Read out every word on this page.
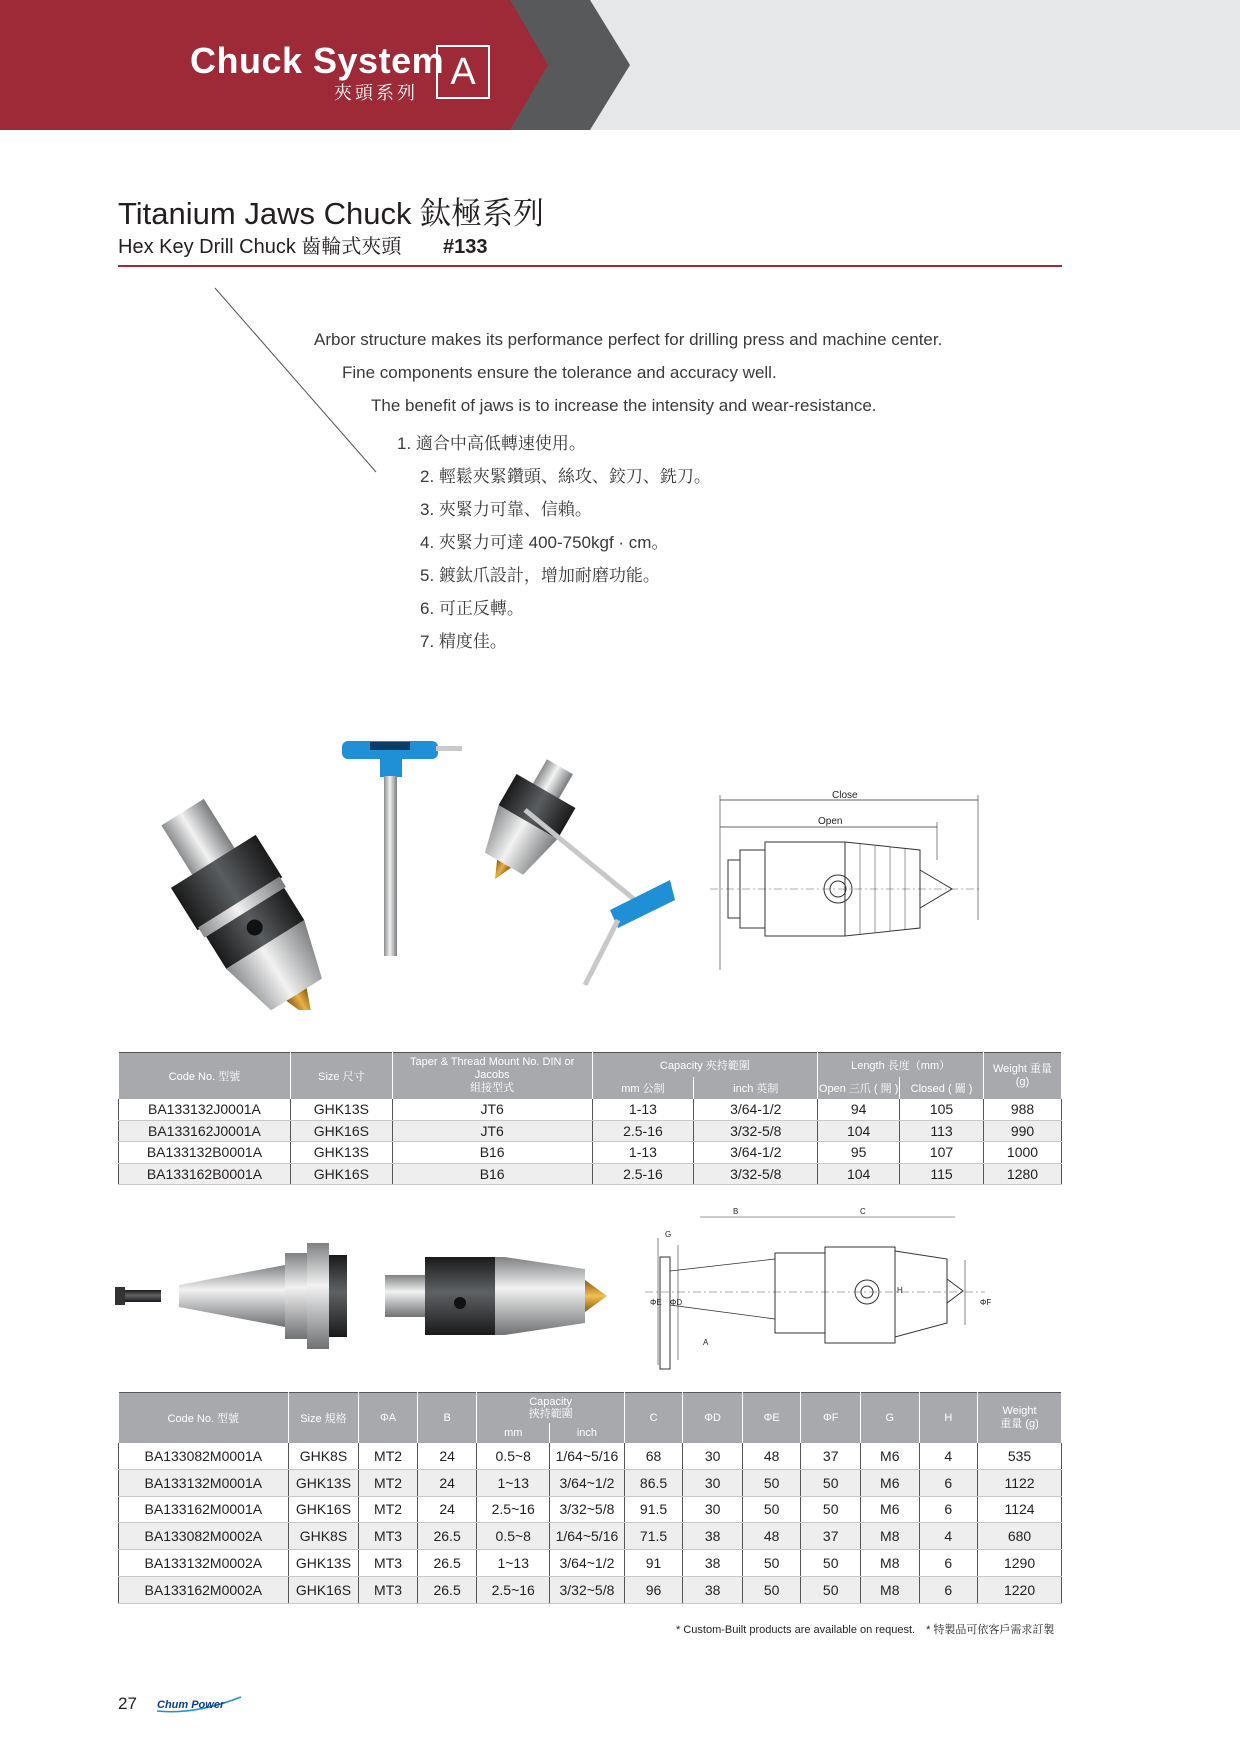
Chuck System
夾頭系列 A
Titanium Jaws Chuck 鈦極系列
Hex Key Drill Chuck 齒輪式夾頭 #133
Arbor structure makes its performance perfect for drilling press and machine center.
Fine components ensure the tolerance and accuracy well.
The benefit of jaws is to increase the intensity and wear-resistance.
1. 適合中高低轉速使用。
2. 輕鬆夾緊鑽頭、絲攻、鉸刀、銑刀。
3. 夾緊力可靠、信賴。
4. 夾緊力可達 400-750kgf · cm。
5. 鍍鈦爪設計，增加耐磨功能。
6. 可正反轉。
7. 精度佳。
Close
Open
Code No. 型號	Size 尺寸	Taper & Thread Mount No. DIN or Jacobs
組接型式	Capacity 夾持範圍		Length 長度（mm）		Weight 重量
(g)
			mm 公制	inch 英制	Open 三爪 ( 開 )	Closed ( 關 )	
BA133132J0001A	GHK13S	JT6	1-13	3/64-1/2	94	105	988
BA133162J0001A	GHK16S	JT6	2.5-16	3/32-5/8	104	113	990
BA133132B0001A	GHK13S	B16	1-13	3/64-1/2	95	107	1000
BA133162B0001A	GHK16S	B16	2.5-16	3/32-5/8	104	115	1280
B	C
G
ΦE ΦD
A
H
ΦF
Code No. 型號	Size 規格	ΦA	B	Capacity
挾持範圍		C	ΦD	ΦE	ΦF	G	H	Weight
重量 (g)
				mm	inch							
BA133082M0001A	GHK8S	MT2	24	0.5~8	1/64~5/16	68	30	48	37	M6	4	535
BA133132M0001A	GHK13S	MT2	24	1~13	3/64~1/2	86.5	30	50	50	M6	6	1122
BA133162M0001A	GHK16S	MT2	24	2.5~16	3/32~5/8	91.5	30	50	50	M6	6	1124
BA133082M0002A	GHK8S	MT3	26.5	0.5~8	1/64~5/16	71.5	38	48	37	M8	4	680
BA133132M0002A	GHK13S	MT3	26.5	1~13	3/64~1/2	91	38	50	50	M8	6	1290
BA133162M0002A	GHK16S	MT3	26.5	2.5~16	3/32~5/8	96	38	50	50	M8	6	1220
* Custom-Built products are available on request.　* 特製品可依客戶需求訂製
27 Chum Power
